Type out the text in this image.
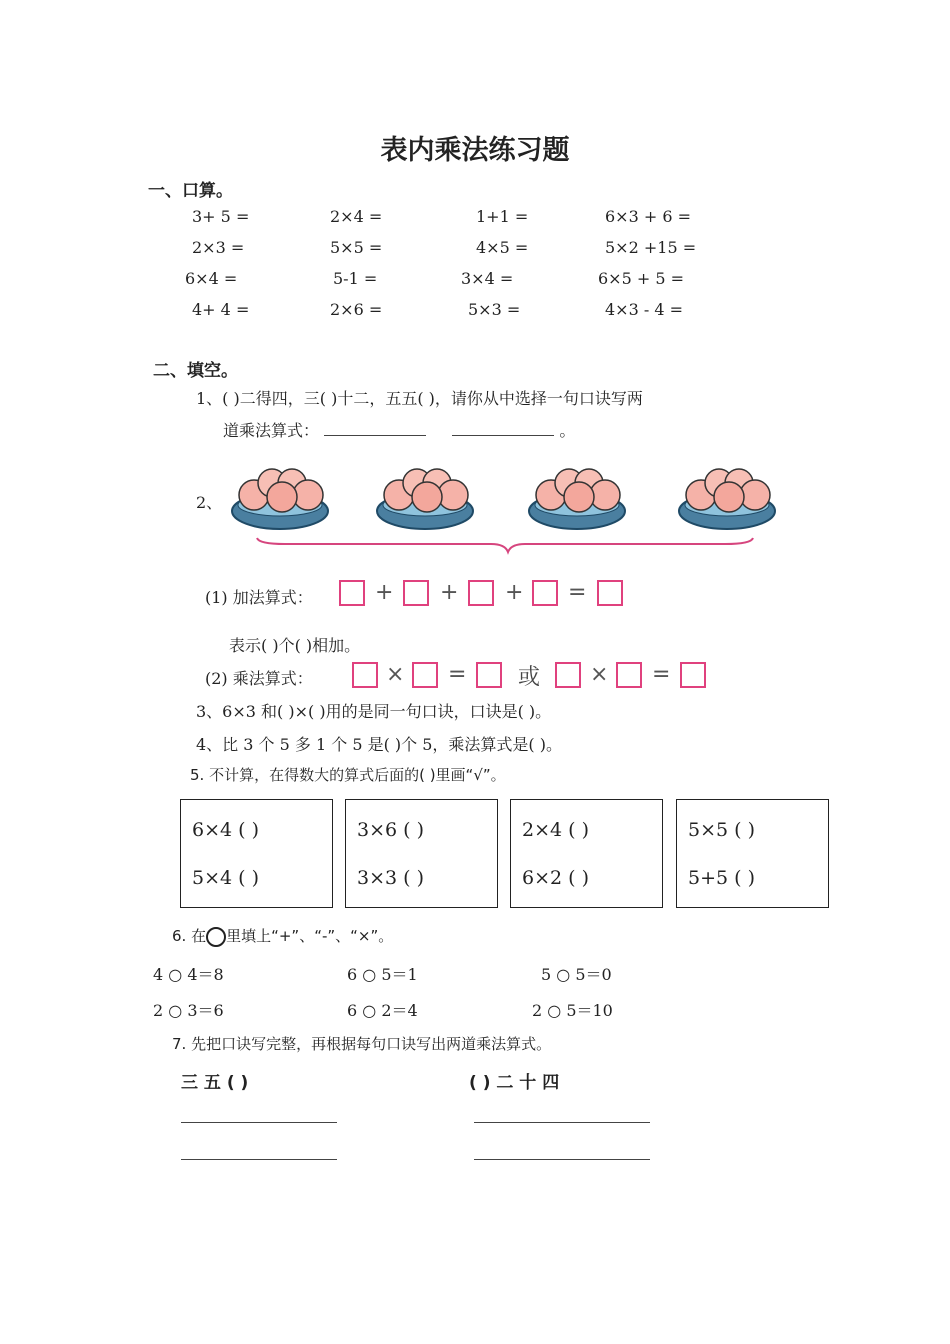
表内乘法练习题
一、口算。
3+ 5 =	2×4 =	1+1 =	6×3 + 6 =
2×3 =	5×5 =	4×5 =	5×2 +15 =
6×4 =	5-1 =	3×4 =	6×5 + 5 =
4+ 4 =	2×6 =	5×3 =	4×3 - 4 =
二、填空。
1、( )二得四，三( )十二，五五( )，请你从中选择一句口诀写两
道乘法算式：	。
2、
(1) 加法算式：	+ + + =
表示( )个( )相加。
(2) 乘法算式：	× = 或 × =
3、6×3 和( )×( )用的是同一句口诀，口诀是( )。
4、比 3 个 5 多 1 个 5 是( )个 5，乘法算式是( )。
5. 不计算，在得数大的算式后面的( )里画“√”。
6×4 ( )
5×4 ( )
3×6 ( )
3×3 ( )
2×4 ( )
6×2 ( )
5×5 ( )
5+5 ( )
6. 在 里填上“+”、“-”、“×”。
4 ○ 4＝8	6 ○ 5＝1	5 ○ 5＝0
2 ○ 3＝6	6 ○ 2＝4	2 ○ 5＝10
7. 先把口诀写完整，再根据每句口诀写出两道乘法算式。
三 五 ( )	( ) 二 十 四
